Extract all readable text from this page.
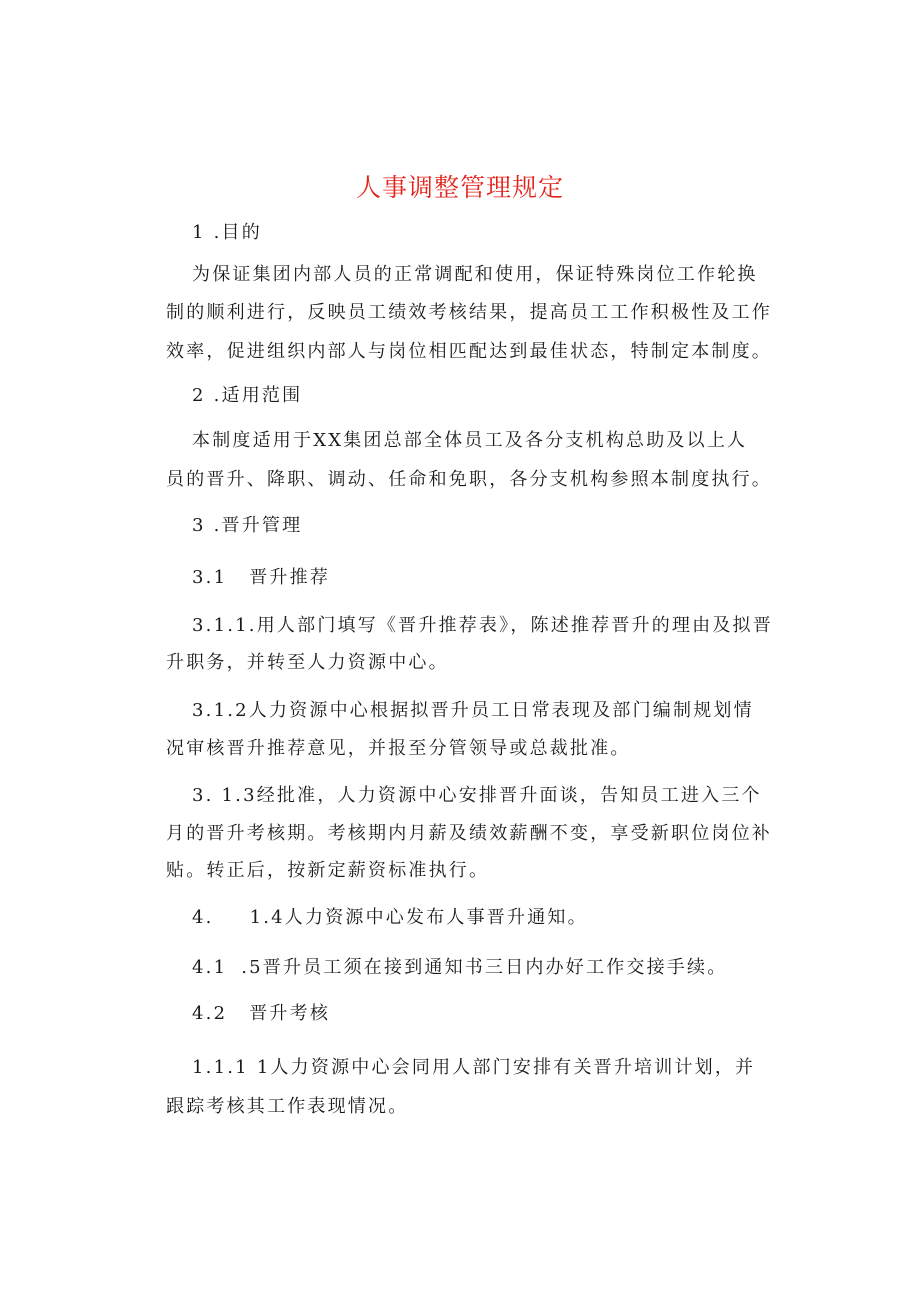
人事调整管理规定

1 .目的

为保证集团内部人员的正常调配和使用，保证特殊岗位工作轮换

制的顺利进行，反映员工绩效考核结果，提高员工工作积极性及工作

效率，促进组织内部人与岗位相匹配达到最佳状态，特制定本制度。

2 .适用范围

本制度适用于XX集团总部全体员工及各分支机构总助及以上人

员的晋升、降职、调动、任命和免职，各分支机构参照本制度执行。

3 .晋升管理

3.1 晋升推荐

3.1.1.用人部门填写《晋升推荐表》，陈述推荐晋升的理由及拟晋

升职务，并转至人力资源中心。

3.1.2人力资源中心根据拟晋升员工日常表现及部门编制规划情

况审核晋升推荐意见，并报至分管领导或总裁批准。

3. 1.3经批准，人力资源中心安排晋升面谈，告知员工进入三个

月的晋升考核期。考核期内月薪及绩效薪酬不变，享受新职位岗位补

贴。转正后，按新定薪资标准执行。

4. 1.4人力资源中心发布人事晋升通知。

4.1 .5晋升员工须在接到通知书三日内办好工作交接手续。

4.2 晋升考核

1.1.1 1人力资源中心会同用人部门安排有关晋升培训计划，并

跟踪考核其工作表现情况。
